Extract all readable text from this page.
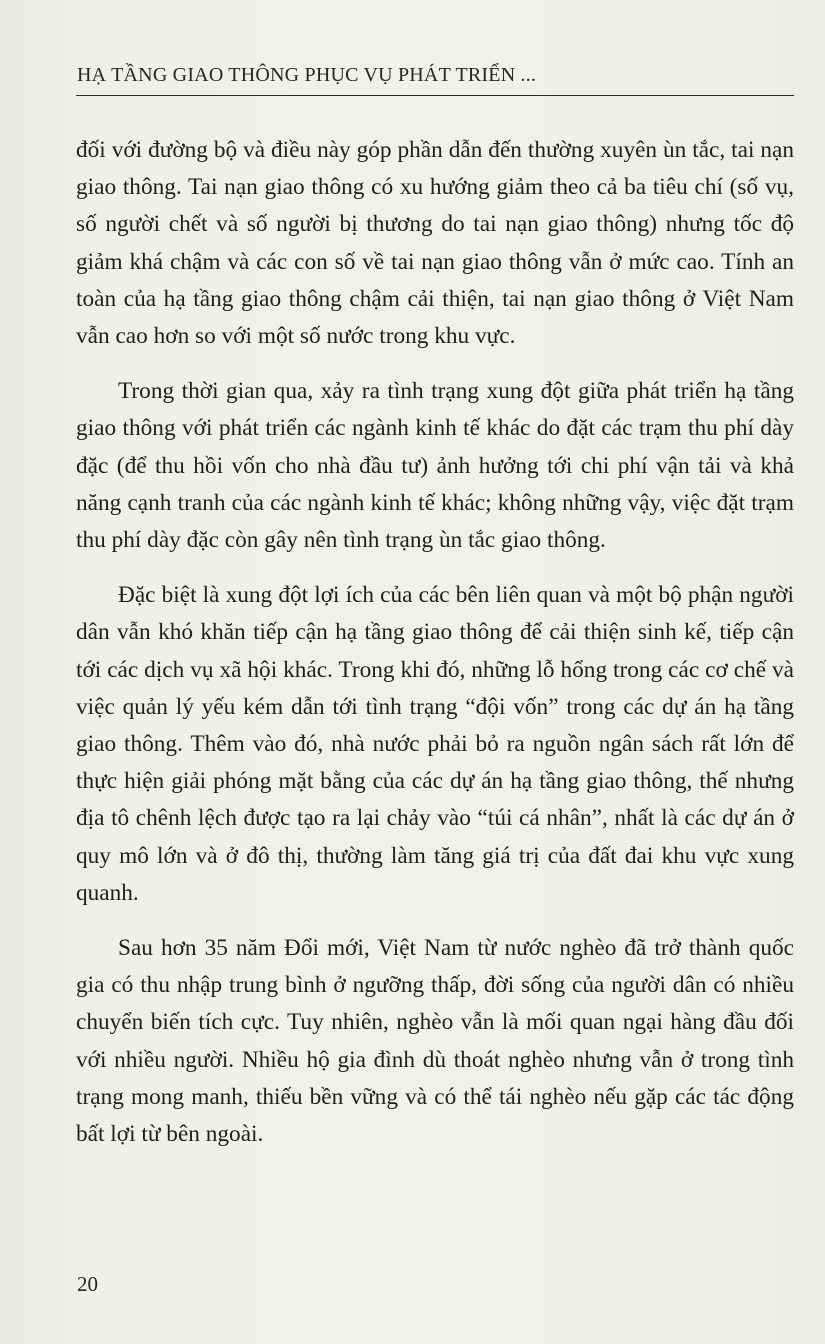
HẠ TẦNG GIAO THÔNG PHỤC VỤ PHÁT TRIỂN ...

đối với đường bộ và điều này góp phần dẫn đến thường xuyên ùn tắc, tai nạn giao thông. Tai nạn giao thông có xu hướng giảm theo cả ba tiêu chí (số vụ, số người chết và số người bị thương do tai nạn giao thông) nhưng tốc độ giảm khá chậm và các con số về tai nạn giao thông vẫn ở mức cao. Tính an toàn của hạ tầng giao thông chậm cải thiện, tai nạn giao thông ở Việt Nam vẫn cao hơn so với một số nước trong khu vực.

Trong thời gian qua, xảy ra tình trạng xung đột giữa phát triển hạ tầng giao thông với phát triển các ngành kinh tế khác do đặt các trạm thu phí dày đặc (để thu hồi vốn cho nhà đầu tư) ảnh hưởng tới chi phí vận tải và khả năng cạnh tranh của các ngành kinh tế khác; không những vậy, việc đặt trạm thu phí dày đặc còn gây nên tình trạng ùn tắc giao thông.

Đặc biệt là xung đột lợi ích của các bên liên quan và một bộ phận người dân vẫn khó khăn tiếp cận hạ tầng giao thông để cải thiện sinh kế, tiếp cận tới các dịch vụ xã hội khác. Trong khi đó, những lỗ hổng trong các cơ chế và việc quản lý yếu kém dẫn tới tình trạng “đội vốn” trong các dự án hạ tầng giao thông. Thêm vào đó, nhà nước phải bỏ ra nguồn ngân sách rất lớn để thực hiện giải phóng mặt bằng của các dự án hạ tầng giao thông, thế nhưng địa tô chênh lệch được tạo ra lại chảy vào “túi cá nhân”, nhất là các dự án ở quy mô lớn và ở đô thị, thường làm tăng giá trị của đất đai khu vực xung quanh.

Sau hơn 35 năm Đổi mới, Việt Nam từ nước nghèo đã trở thành quốc gia có thu nhập trung bình ở ngưỡng thấp, đời sống của người dân có nhiều chuyển biến tích cực. Tuy nhiên, nghèo vẫn là mối quan ngại hàng đầu đối với nhiều người. Nhiều hộ gia đình dù thoát nghèo nhưng vẫn ở trong tình trạng mong manh, thiếu bền vững và có thể tái nghèo nếu gặp các tác động bất lợi từ bên ngoài.

20
